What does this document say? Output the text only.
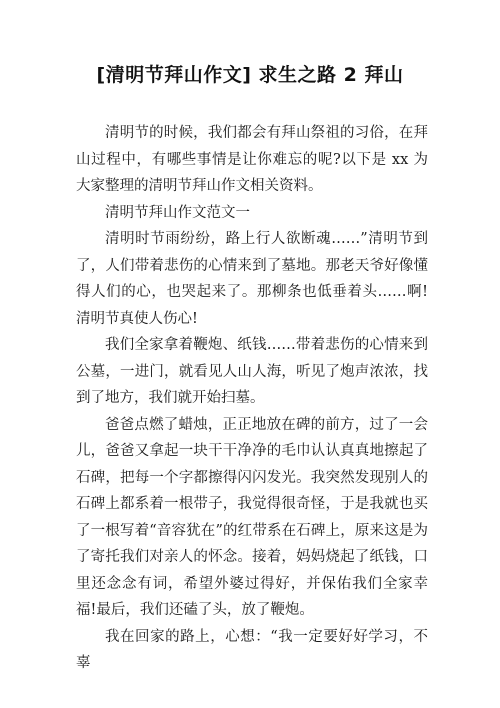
[清明节拜山作文] 求生之路 2 拜山

清明节的时候，我们都会有拜山祭祖的习俗，在拜山过程中，有哪些事情是让你难忘的呢?以下是 xx 为大家整理的清明节拜山作文相关资料。

清明节拜山作文范文一

清明时节雨纷纷，路上行人欲断魂……”清明节到了，人们带着悲伤的心情来到了墓地。那老天爷好像懂得人们的心，也哭起来了。那柳条也低垂着头……啊!清明节真使人伤心!

我们全家拿着鞭炮、纸钱……带着悲伤的心情来到公墓，一进门，就看见人山人海，听见了炮声浓浓，找到了地方，我们就开始扫墓。

爸爸点燃了蜡烛，正正地放在碑的前方，过了一会儿，爸爸又拿起一块干干净净的毛巾认认真真地擦起了石碑，把每一个字都擦得闪闪发光。我突然发现别人的石碑上都系着一根带子，我觉得很奇怪，于是我就也买了一根写着“音容犹在”的红带系在石碑上，原来这是为了寄托我们对亲人的怀念。接着，妈妈烧起了纸钱，口里还念念有词，希望外婆过得好，并保佑我们全家幸福!最后，我们还磕了头，放了鞭炮。

我在回家的路上，心想：“我一定要好好学习，不辜
